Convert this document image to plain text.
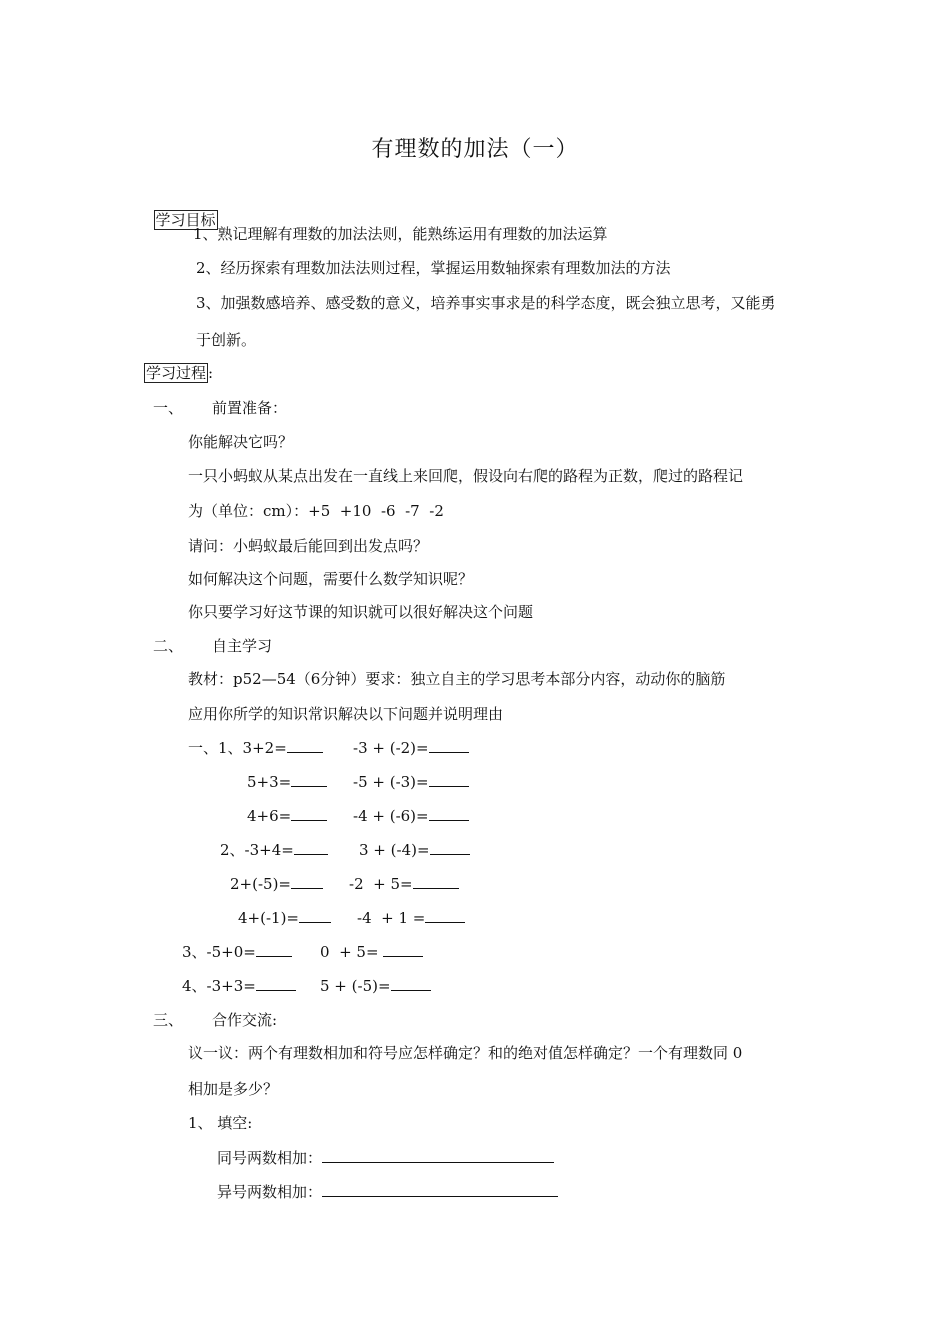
有理数的加法（一）

学习目标

1、熟记理解有理数的加法法则，能熟练运用有理数的加法运算
2、经历探索有理数加法法则过程，掌握运用数轴探索有理数加法的方法
3、加强数感培养、感受数的意义，培养事实事求是的科学态度，既会独立思考，又能勇
于创新。
学习过程 :
一、 前置准备：
你能解决它吗？
一只小蚂蚁从某点出发在一直线上来回爬，假设向右爬的路程为正数，爬过的路程记
为（单位：cm）：+5  +10  -6  -7  -2
请问：小蚂蚁最后能回到出发点吗？
如何解决这个问题，需要什么数学知识呢？
你只要学习好这节课的知识就可以很好解决这个问题
二、 自主学习
教材：p52—54（6分钟）要求：独立自主的学习思考本部分内容，动动你的脑筋
应用你所学的知识常识解决以下问题并说明理由
一、1、3+2=	-3 + (-2)=
5+3=	-5 + (-3)=
4+6=	-4 + (-6)=
2、-3+4=	3 + (-4)=
2+(-5)=	-2  + 5=
4+(-1)=	-4  + 1 =
3、-5+0=	0  + 5=
4、-3+3=	5 + (-5)=
三、 合作交流:
议一议：两个有理数相加和符号应怎样确定？和的绝对值怎样确定？一个有理数同 0
相加是多少？
1、 填空:
同号两数相加：
异号两数相加：
